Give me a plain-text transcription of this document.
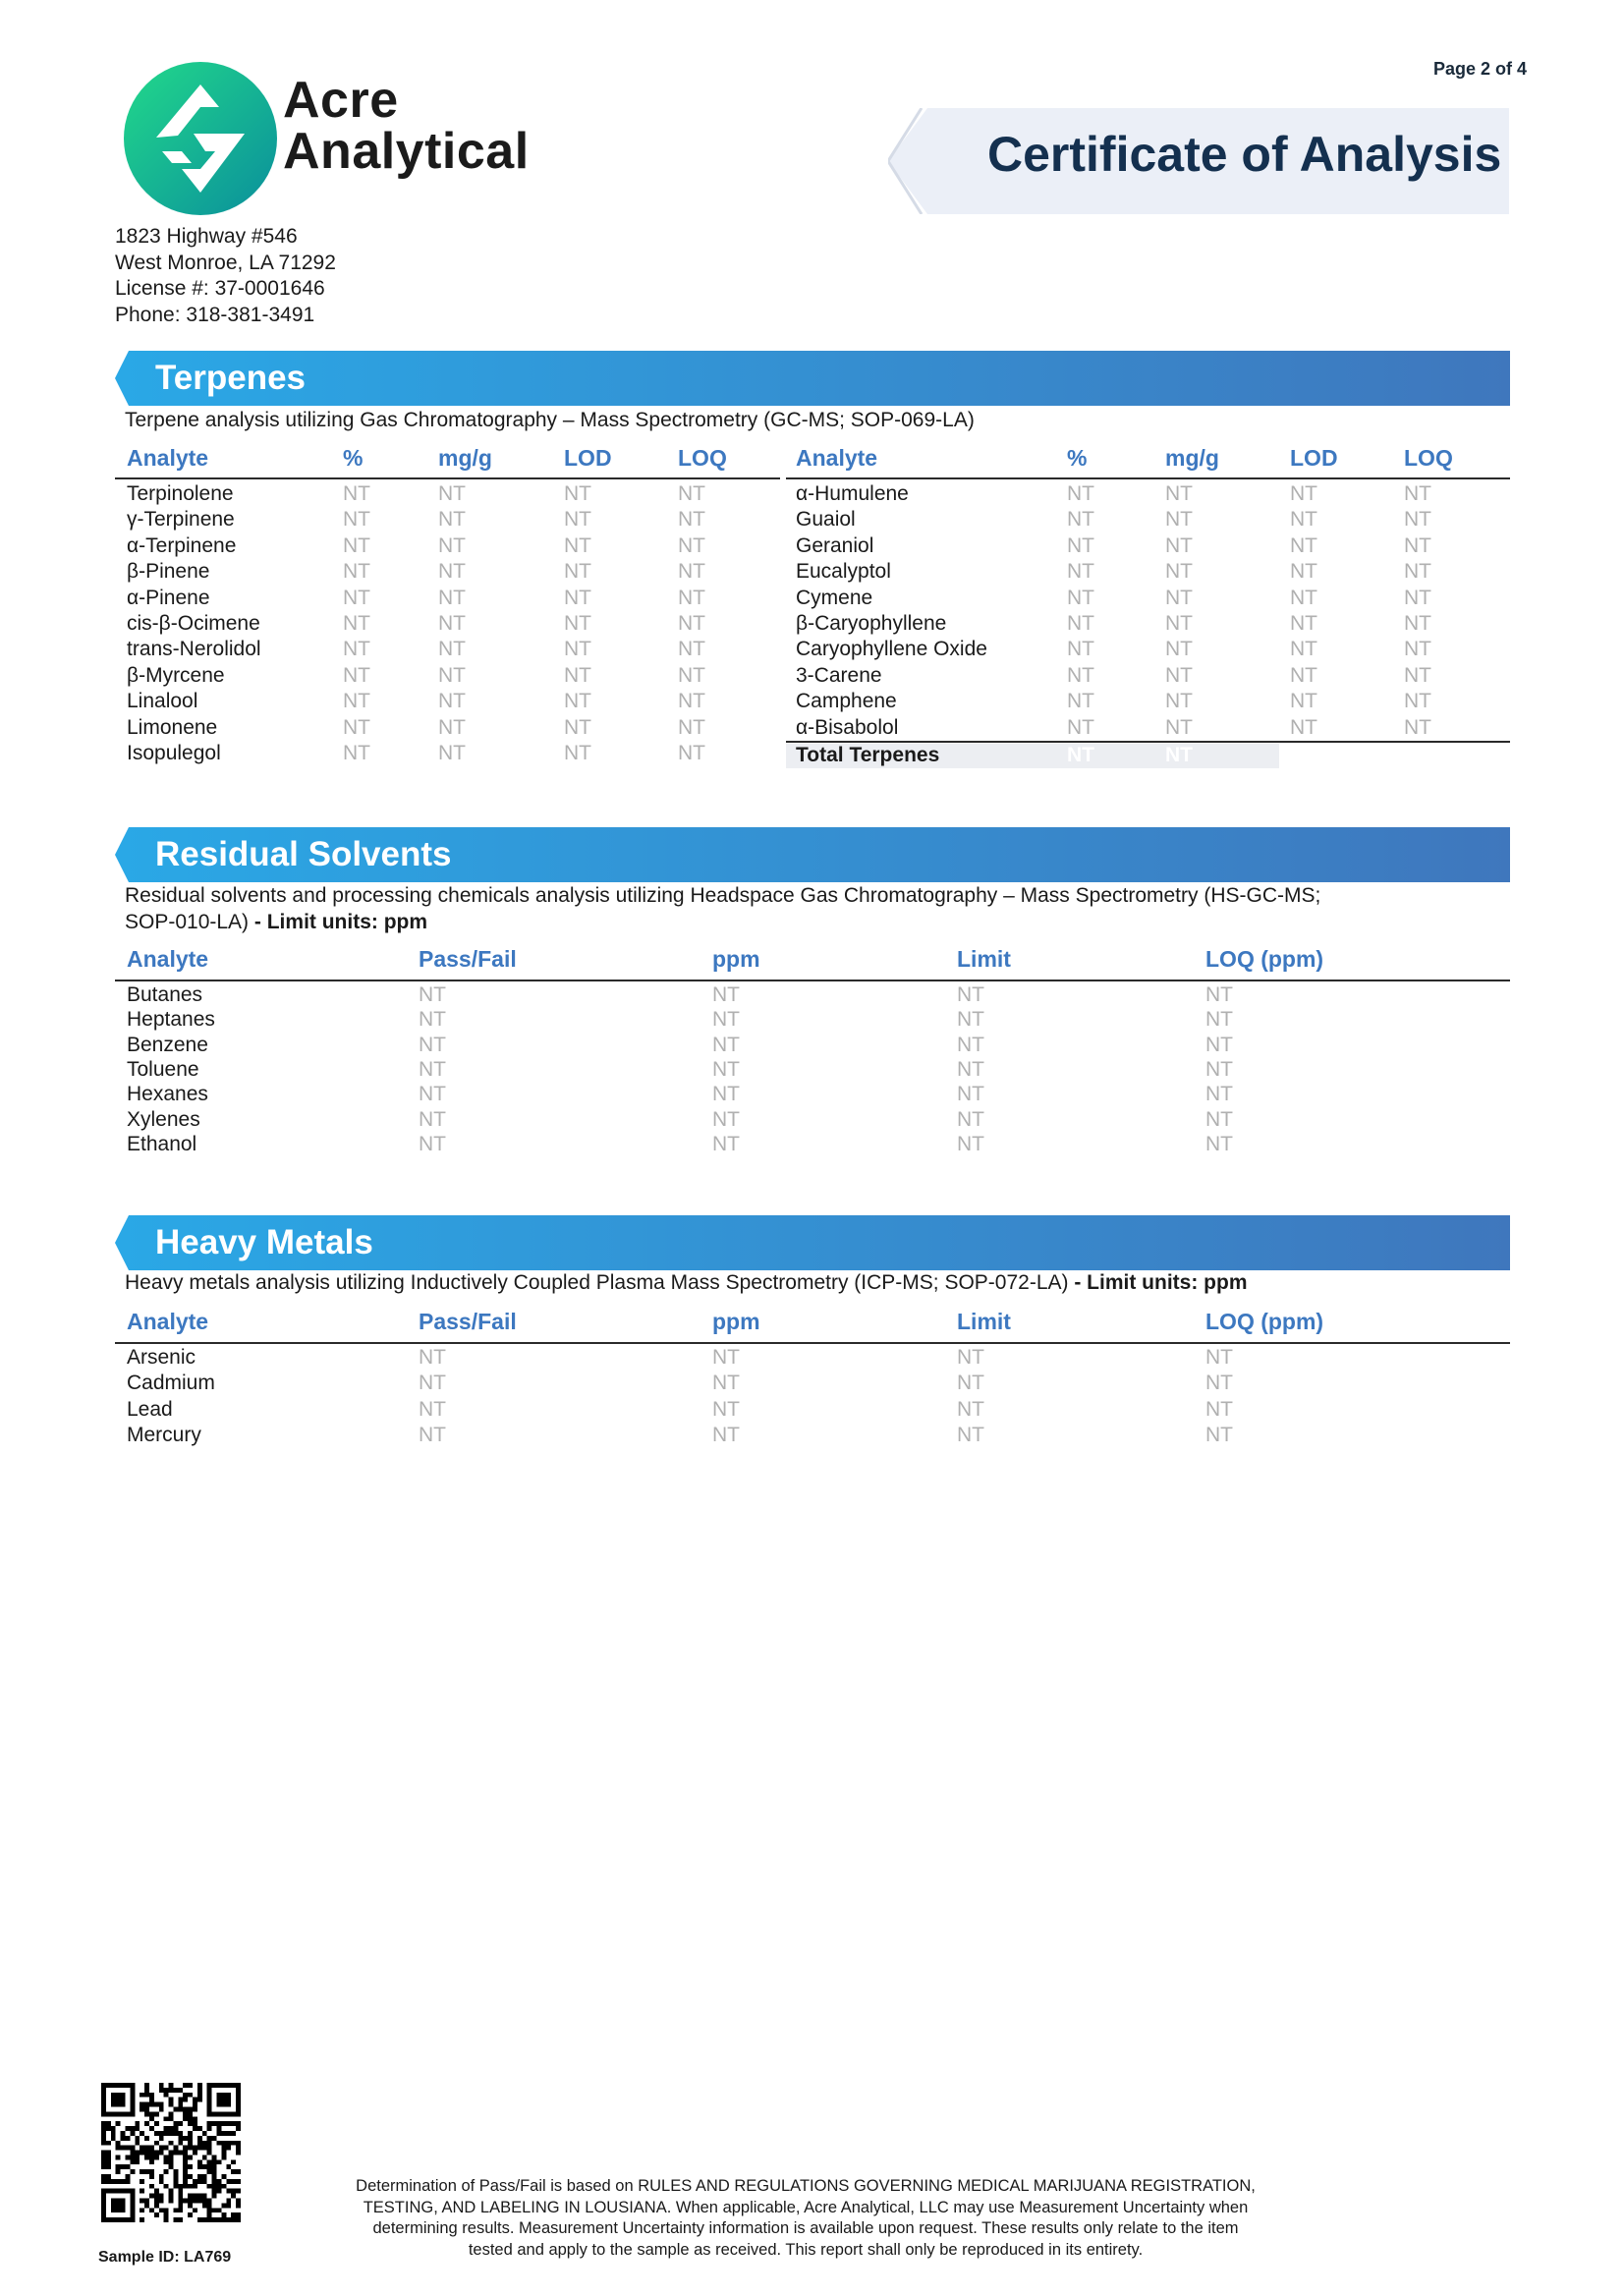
Page 2 of 4
Acre
Analytical	Certificate of Analysis
1823 Highway #546
West Monroe, LA 71292
License #: 37-0001646
Phone: 318-381-3491
Terpenes
Residual Solvents
Heavy Metals
Terpene analysis utilizing Gas Chromatography – Mass Spectrometry (GC-MS; SOP-069-LA)
Residual solvents and processing chemicals analysis utilizing Headspace Gas Chromatography – Mass Spectrometry (HS-GC-MS;
SOP-010-LA) - Limit units: ppm
Heavy metals analysis utilizing Inductively Coupled Plasma Mass Spectrometry (ICP-MS; SOP-072-LA) - Limit units: ppm
Analyte	%	mg/g	LOD	LOQ	Analyte	%	mg/g	LOD	LOQ
Terpinolene	NT	NT	NT	NT
γ-Terpinene	NT	NT	NT	NT
α-Terpinene	NT	NT	NT	NT
β-Pinene	NT	NT	NT	NT
α-Pinene	NT	NT	NT	NT
cis-β-Ocimene	NT	NT	NT	NT
trans-Nerolidol	NT	NT	NT	NT
β-Myrcene	NT	NT	NT	NT
Linalool	NT	NT	NT	NT
Limonene	NT	NT	NT	NT
Isopulegol	NT	NT	NT	NT
α-Humulene	NT	NT	NT	NT
Guaiol	NT	NT	NT	NT
Geraniol	NT	NT	NT	NT
Eucalyptol	NT	NT	NT	NT
Cymene	NT	NT	NT	NT
β-Caryophyllene	NT	NT	NT	NT
Caryophyllene Oxide	NT	NT	NT	NT
3-Carene	NT	NT	NT	NT
Camphene	NT	NT	NT	NT
α-Bisabolol	NT	NT	NT	NT
Total Terpenes	NT	NT
Analyte	Pass/Fail	ppm	Limit	LOQ (ppm)
Butanes	NT	NT	NT	NT
Heptanes	NT	NT	NT	NT
Benzene	NT	NT	NT	NT
Toluene	NT	NT	NT	NT
Hexanes	NT	NT	NT	NT
Xylenes	NT	NT	NT	NT
Ethanol	NT	NT	NT	NT
Analyte	Pass/Fail	ppm	Limit	LOQ (ppm)
Arsenic	NT	NT	NT	NT
Cadmium	NT	NT	NT	NT
Lead	NT	NT	NT	NT
Mercury	NT	NT	NT	NT
Sample ID: LA769
Determination of Pass/Fail is based on RULES AND REGULATIONS GOVERNING MEDICAL MARIJUANA REGISTRATION,
TESTING, AND LABELING IN LOUSIANA. When applicable, Acre Analytical, LLC may use Measurement Uncertainty when
determining results. Measurement Uncertainty information is available upon request. These results only relate to the item
tested and apply to the sample as received. This report shall only be reproduced in its entirety.
